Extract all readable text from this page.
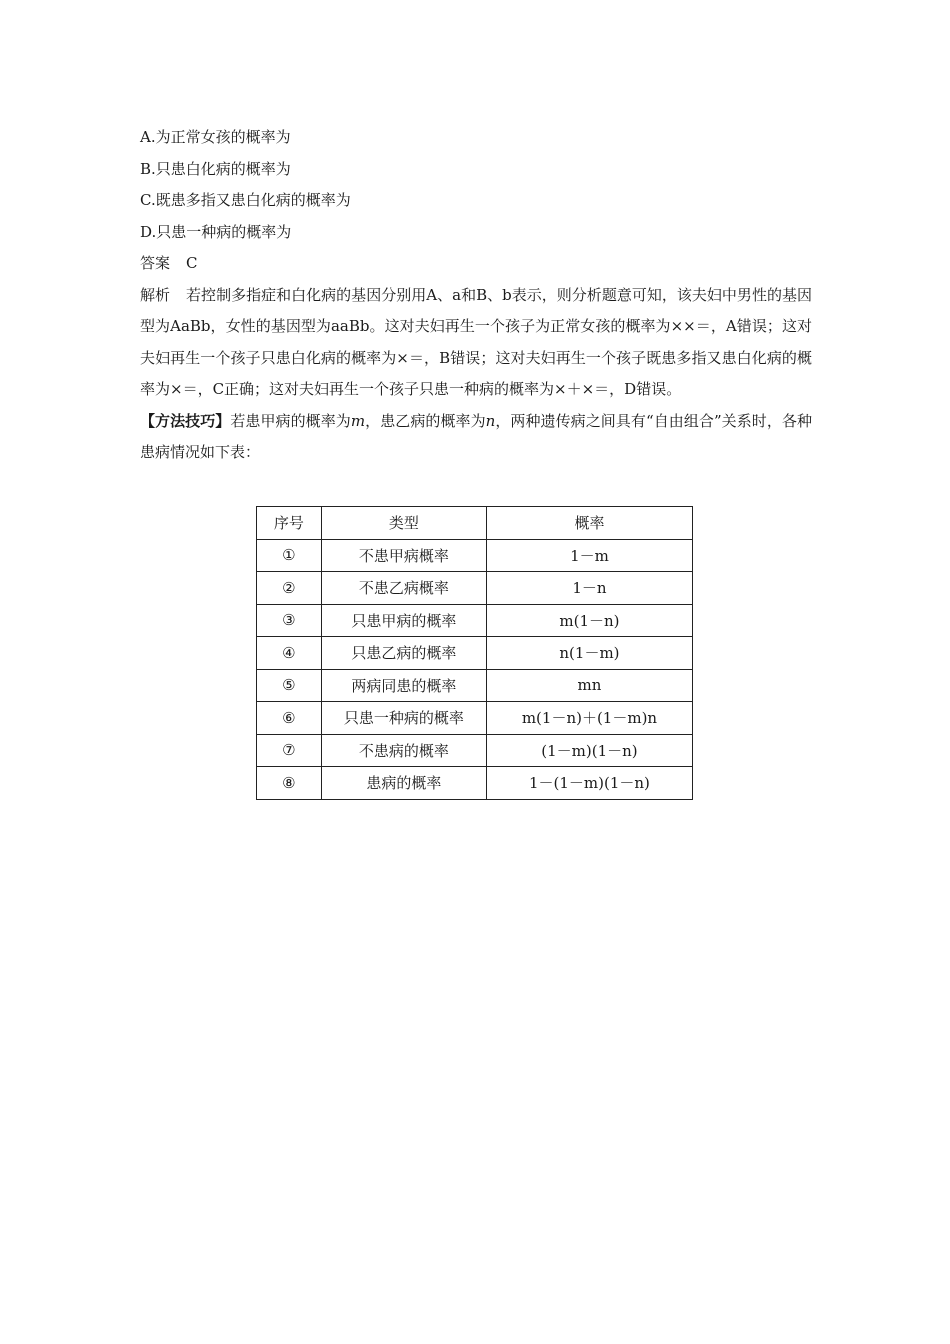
A.为正常女孩的概率为
B.只患白化病的概率为
C.既患多指又患白化病的概率为
D.只患一种病的概率为
答案 C
解析 若控制多指症和白化病的基因分别用A、a和B、b表示，则分析题意可知，该夫妇中男性的基因型为AaBb，女性的基因型为aaBb。这对夫妇再生一个孩子为正常女孩的概率为××＝，A错误；这对夫妇再生一个孩子只患白化病的概率为×＝，B错误；这对夫妇再生一个孩子既患多指又患白化病的概率为×＝，C正确；这对夫妇再生一个孩子只患一种病的概率为×＋×＝，D错误。
【方法技巧】若患甲病的概率为m，患乙病的概率为n，两种遗传病之间具有“自由组合”关系时，各种患病情况如下表：
序号	类型	概率
①	不患甲病概率	1－m
②	不患乙病概率	1－n
③	只患甲病的概率	m(1－n)
④	只患乙病的概率	n(1－m)
⑤	两病同患的概率	mn
⑥	只患一种病的概率	m(1－n)＋(1－m)n
⑦	不患病的概率	(1－m)(1－n)
⑧	患病的概率	1－(1－m)(1－n)
